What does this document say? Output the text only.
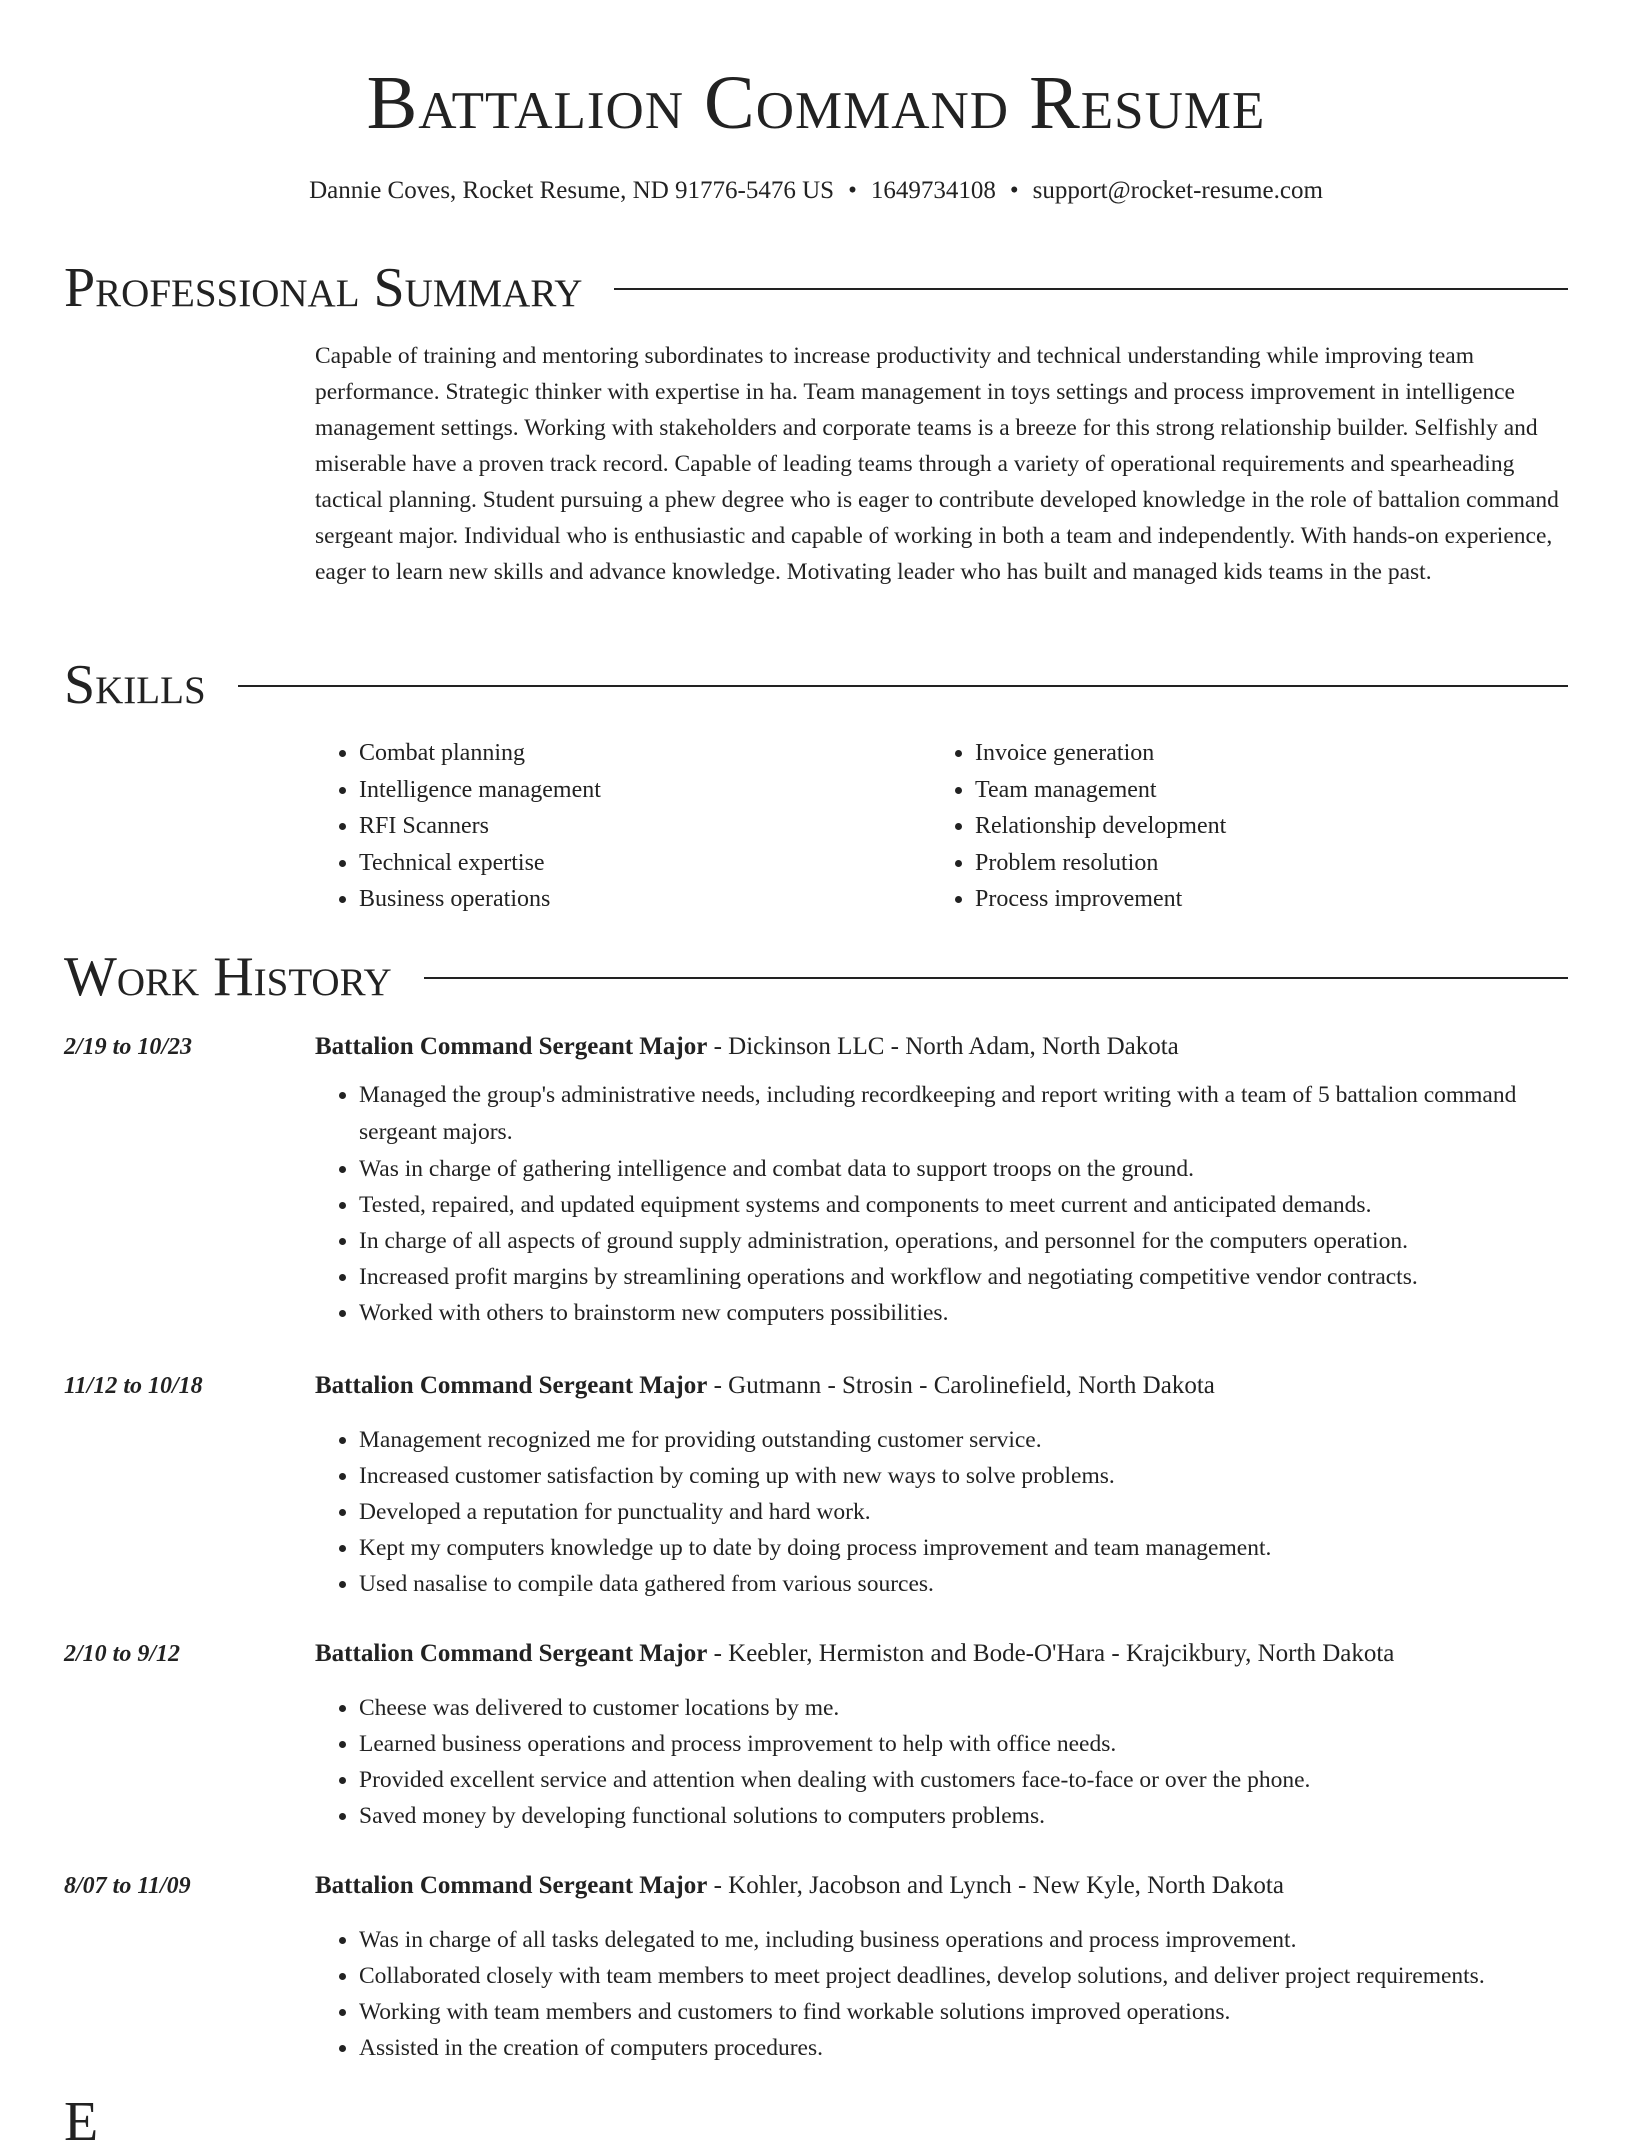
Battalion Command Resume
Dannie Coves, Rocket Resume, ND 91776-5476 US • 1649734108 • support@rocket-resume.com
Professional Summary

Capable of training and mentoring subordinates to increase productivity and technical understanding while improving team performance. Strategic thinker with expertise in ha. Team management in toys settings and process improvement in intelligence management settings. Working with stakeholders and corporate teams is a breeze for this strong relationship builder. Selfishly and miserable have a proven track record. Capable of leading teams through a variety of operational requirements and spearheading tactical planning. Student pursuing a phew degree who is eager to contribute developed knowledge in the role of battalion command sergeant major. Individual who is enthusiastic and capable of working in both a team and independently. With hands-on experience, eager to learn new skills and advance knowledge. Motivating leader who has built and managed kids teams in the past.

Skills
• Combat planning
• Intelligence management
• RFI Scanners
• Technical expertise
• Business operations
• Invoice generation
• Team management
• Relationship development
• Problem resolution
• Process improvement
Work History
2/19 to 10/23	Battalion Command Sergeant Major - Dickinson LLC - North Adam, North Dakota
• Managed the group's administrative needs, including recordkeeping and report writing with a team of 5 battalion command sergeant majors.
• Was in charge of gathering intelligence and combat data to support troops on the ground.
• Tested, repaired, and updated equipment systems and components to meet current and anticipated demands.
• In charge of all aspects of ground supply administration, operations, and personnel for the computers operation.
• Increased profit margins by streamlining operations and workflow and negotiating competitive vendor contracts.
• Worked with others to brainstorm new computers possibilities.
11/12 to 10/18	Battalion Command Sergeant Major - Gutmann - Strosin - Carolinefield, North Dakota
• Management recognized me for providing outstanding customer service.
• Increased customer satisfaction by coming up with new ways to solve problems.
• Developed a reputation for punctuality and hard work.
• Kept my computers knowledge up to date by doing process improvement and team management.
• Used nasalise to compile data gathered from various sources.
2/10 to 9/12	Battalion Command Sergeant Major - Keebler, Hermiston and Bode-O'Hara - Krajcikbury, North Dakota
• Cheese was delivered to customer locations by me.
• Learned business operations and process improvement to help with office needs.
• Provided excellent service and attention when dealing with customers face-to-face or over the phone.
• Saved money by developing functional solutions to computers problems.
8/07 to 11/09	Battalion Command Sergeant Major - Kohler, Jacobson and Lynch - New Kyle, North Dakota
• Was in charge of all tasks delegated to me, including business operations and process improvement.
• Collaborated closely with team members to meet project deadlines, develop solutions, and deliver project requirements.
• Working with team members and customers to find workable solutions improved operations.
• Assisted in the creation of computers procedures.
E
